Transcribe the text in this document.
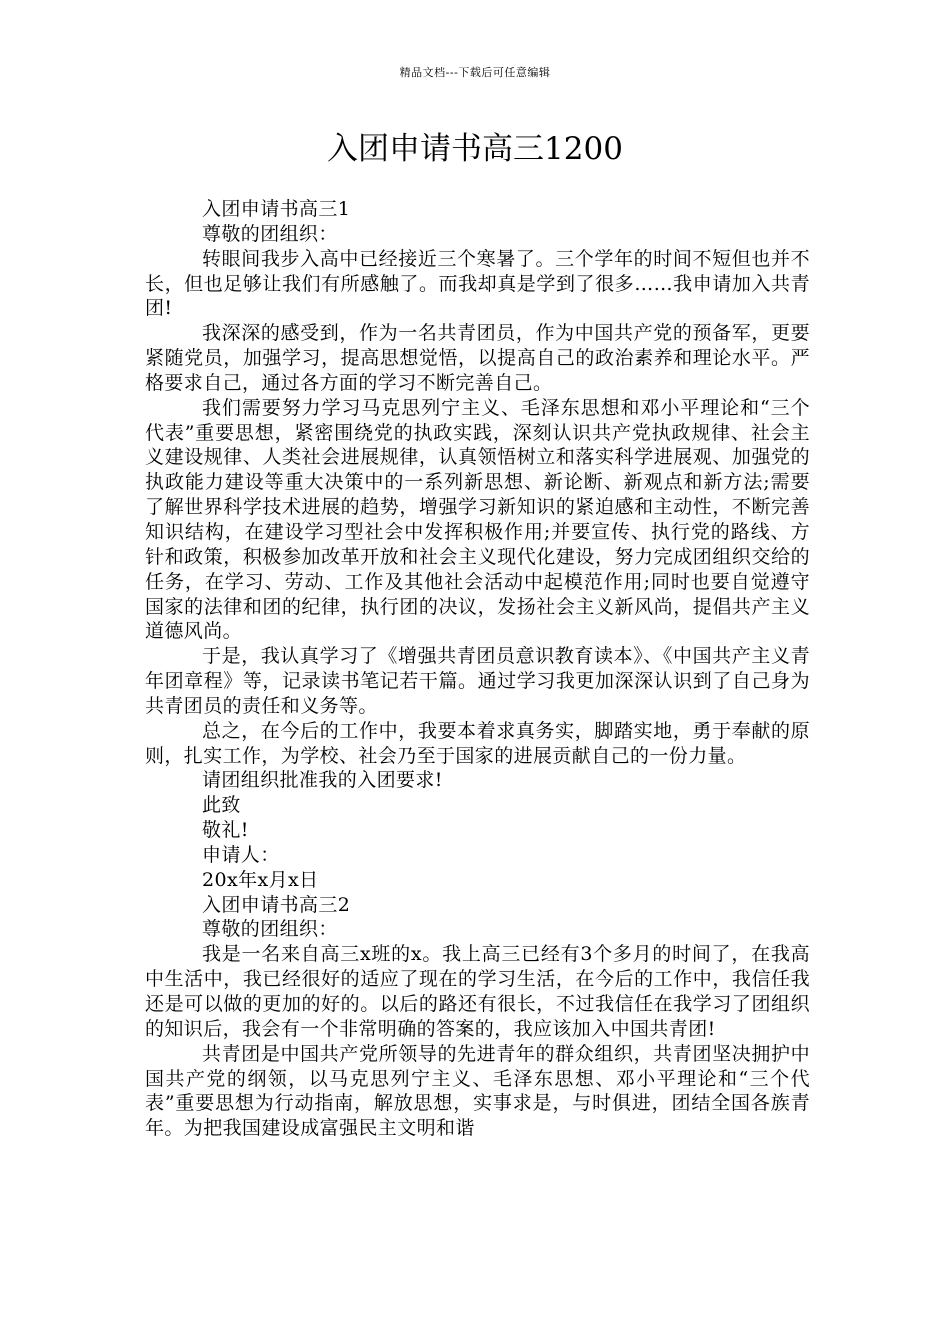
精品文档---下载后可任意编辑
入团申请书高三1200

入团申请书高三1

尊敬的团组织：

转眼间我步入高中已经接近三个寒暑了。三个学年的时间不短但也并不长，但也足够让我们有所感触了。而我却真是学到了很多……我申请加入共青团!

我深深的感受到，作为一名共青团员，作为中国共产党的预备军，更要紧随党员，加强学习，提高思想觉悟，以提高自己的政治素养和理论水平。严格要求自己，通过各方面的学习不断完善自己。

我们需要努力学习马克思列宁主义、毛泽东思想和邓小平理论和“三个代表”重要思想，紧密围绕党的执政实践，深刻认识共产党执政规律、社会主义建设规律、人类社会进展规律，认真领悟树立和落实科学进展观、加强党的执政能力建设等重大决策中的一系列新思想、新论断、新观点和新方法;需要了解世界科学技术进展的趋势，增强学习新知识的紧迫感和主动性，不断完善知识结构，在建设学习型社会中发挥积极作用;并要宣传、执行党的路线、方针和政策，积极参加改革开放和社会主义现代化建设，努力完成团组织交给的任务，在学习、劳动、工作及其他社会活动中起模范作用;同时也要自觉遵守国家的法律和团的纪律，执行团的决议，发扬社会主义新风尚，提倡共产主义道德风尚。

于是，我认真学习了《增强共青团员意识教育读本》、《中国共产主义青年团章程》等，记录读书笔记若干篇。通过学习我更加深深认识到了自己身为共青团员的责任和义务等。

总之，在今后的工作中，我要本着求真务实，脚踏实地，勇于奉献的原则，扎实工作，为学校、社会乃至于国家的进展贡献自己的一份力量。

请团组织批准我的入团要求!

此致

敬礼!

申请人：

20x年x月x日

入团申请书高三2

尊敬的团组织：

我是一名来自高三x班的x。我上高三已经有3个多月的时间了，在我高中生活中，我已经很好的适应了现在的学习生活，在今后的工作中，我信任我还是可以做的更加的好的。以后的路还有很长，不过我信任在我学习了团组织的知识后，我会有一个非常明确的答案的，我应该加入中国共青团!

共青团是中国共产党所领导的先进青年的群众组织，共青团坚决拥护中国共产党的纲领，以马克思列宁主义、毛泽东思想、邓小平理论和“三个代表”重要思想为行动指南，解放思想，实事求是，与时俱进，团结全国各族青年。为把我国建设成富强民主文明和谐
